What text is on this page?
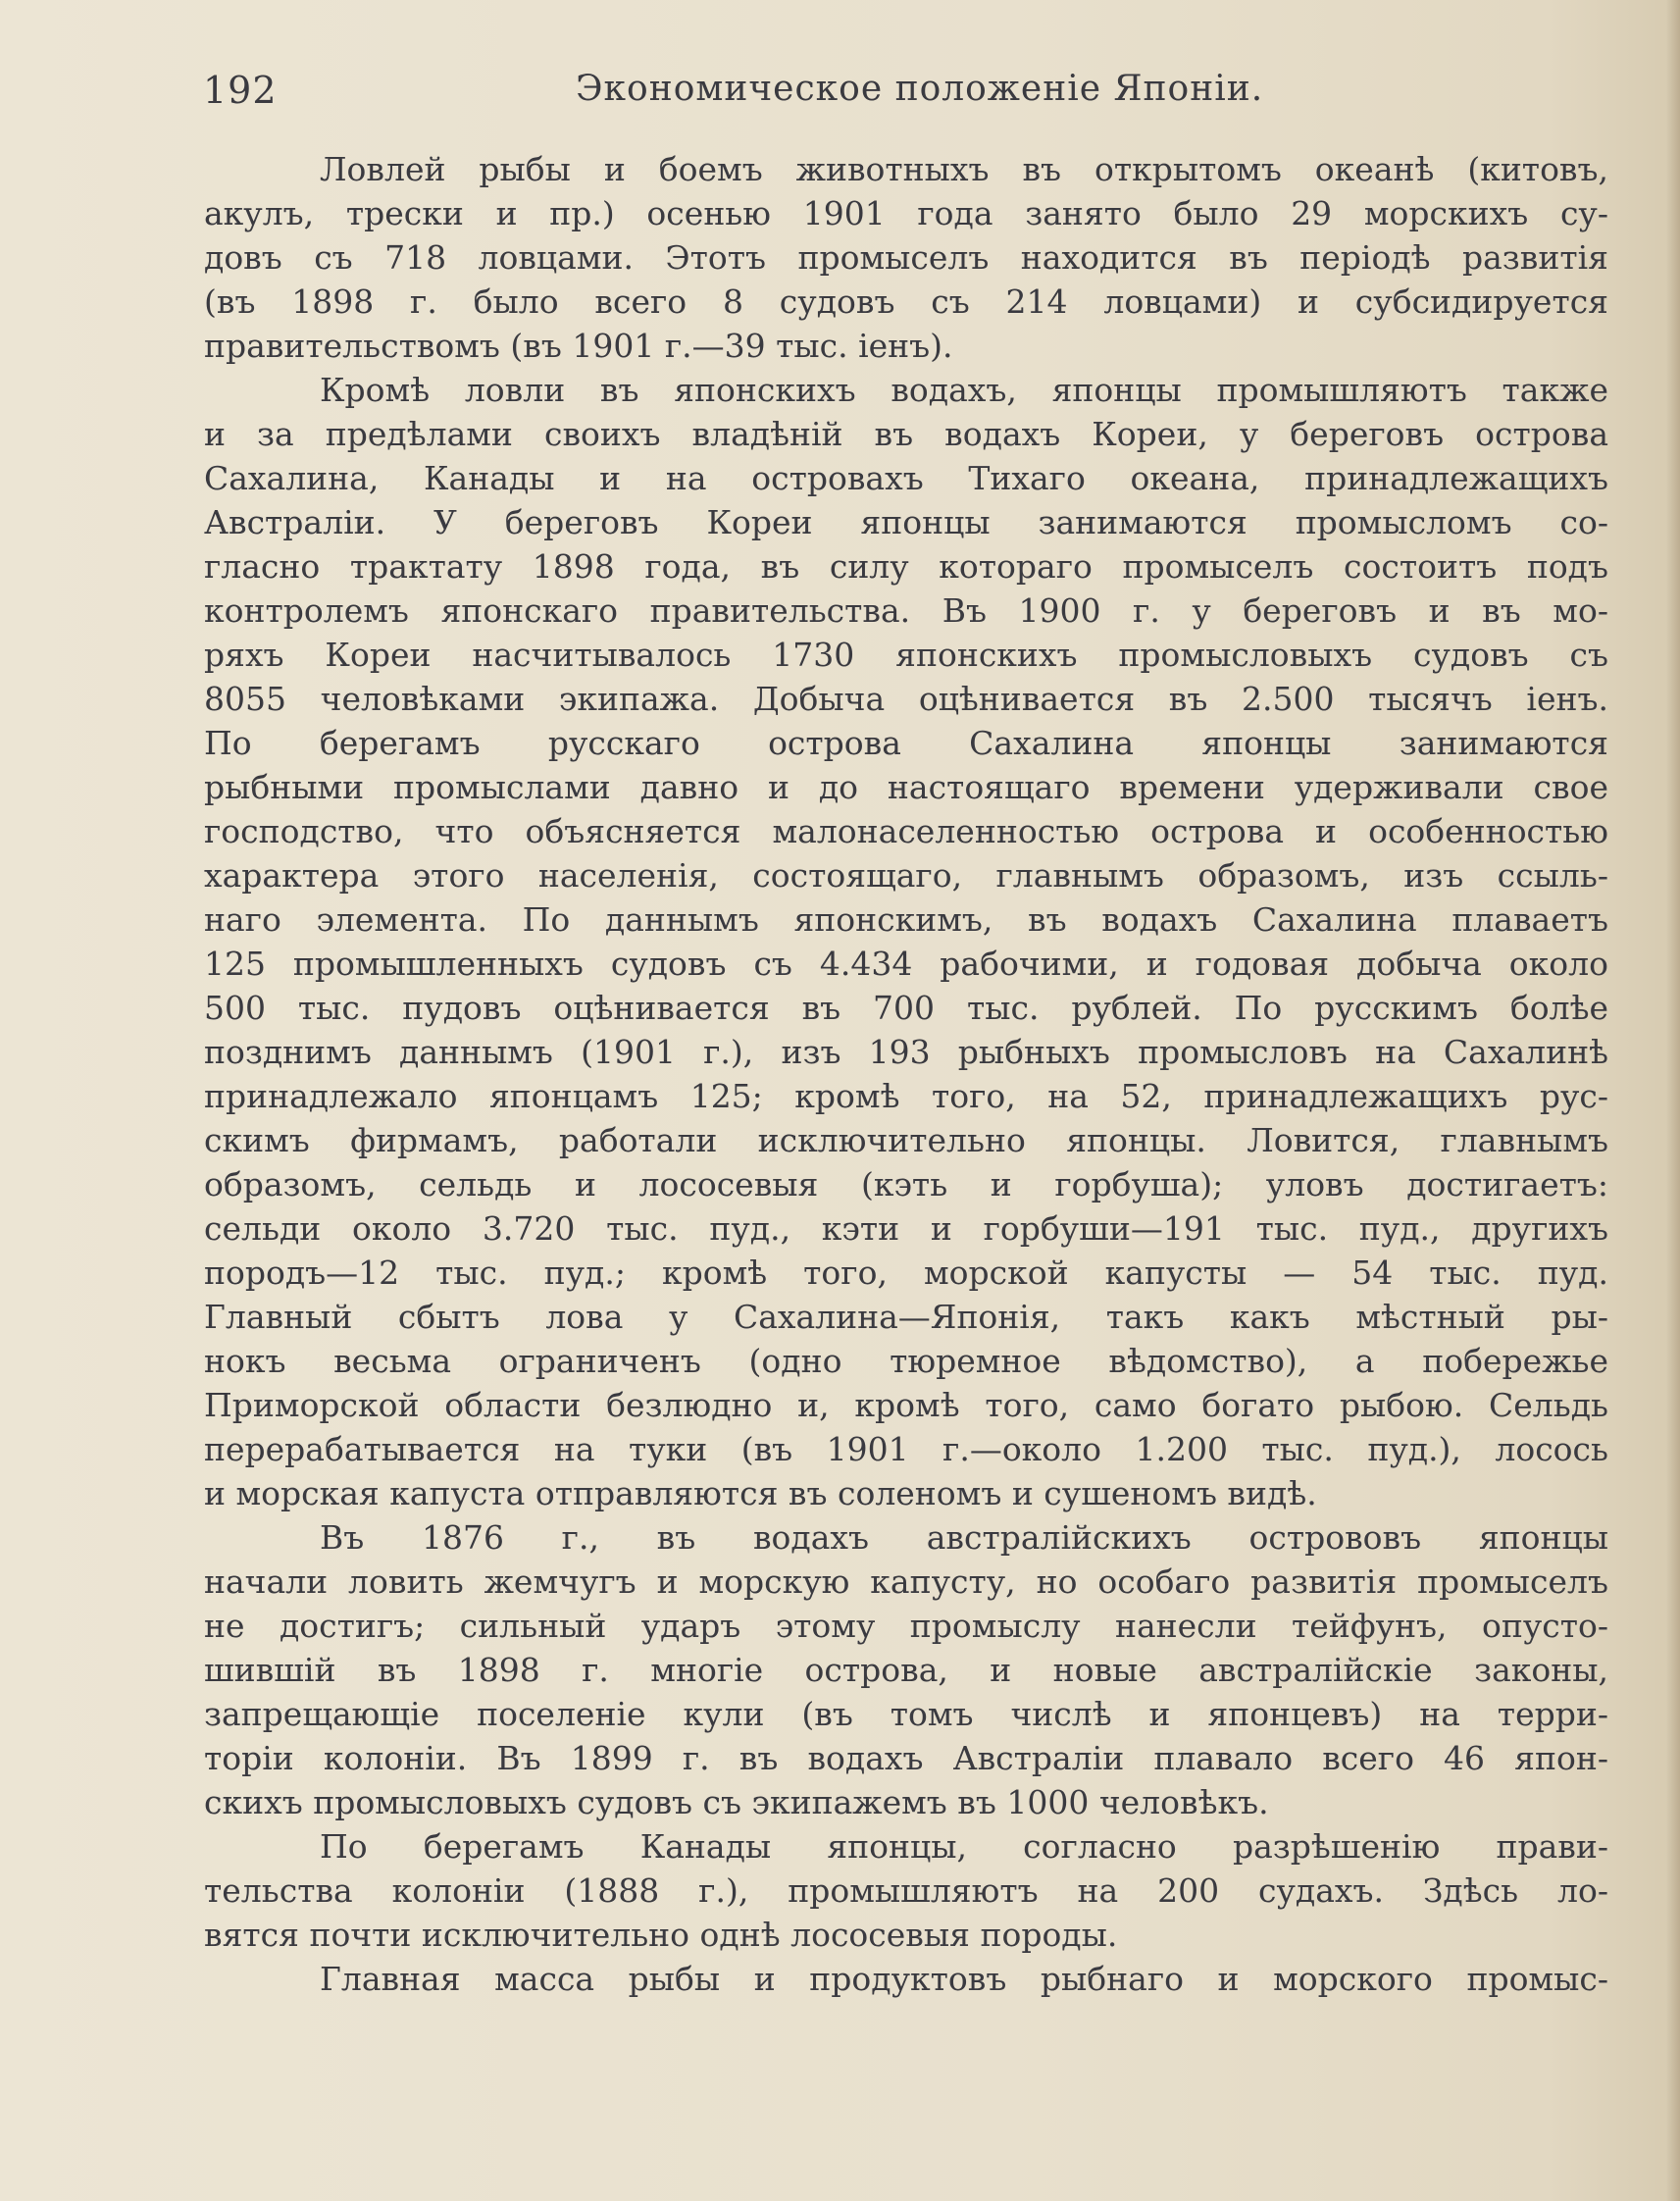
192	Экономическое положеніе Японіи.
Ловлей рыбы и боемъ животныхъ въ открытомъ океанѣ (китовъ,
акулъ, трески и пр.) осенью 1901 года занято было 29 морскихъ су-
довъ съ 718 ловцами. Этотъ промыселъ находится въ періодѣ развитія
(въ 1898 г. было всего 8 судовъ съ 214 ловцами) и субсидируется
правительствомъ (въ 1901 г.—39 тыс. іенъ).
Кромѣ ловли въ японскихъ водахъ, японцы промышляютъ также
и за предѣлами своихъ владѣній въ водахъ Кореи, у береговъ острова
Сахалина, Канады и на островахъ Тихаго океана, принадлежащихъ
Австраліи. У береговъ Кореи японцы занимаются промысломъ со-
гласно трактату 1898 года, въ силу котораго промыселъ состоитъ подъ
контролемъ японскаго правительства. Въ 1900 г. у береговъ и въ мо-
ряхъ Кореи насчитывалось 1730 японскихъ промысловыхъ судовъ съ
8055 человѣками экипажа. Добыча оцѣнивается въ 2.500 тысячъ іенъ.
По берегамъ русскаго острова Сахалина японцы занимаются
рыбными промыслами давно и до настоящаго времени удерживали свое
господство, что объясняется малонаселенностью острова и особенностью
характера этого населенія, состоящаго, главнымъ образомъ, изъ ссыль-
наго элемента. По даннымъ японскимъ, въ водахъ Сахалина плаваетъ
125 промышленныхъ судовъ съ 4.434 рабочими, и годовая добыча около
500 тыс. пудовъ оцѣнивается въ 700 тыс. рублей. По русскимъ болѣе
позднимъ даннымъ (1901 г.), изъ 193 рыбныхъ промысловъ на Сахалинѣ
принадлежало японцамъ 125; кромѣ того, на 52, принадлежащихъ рус-
скимъ фирмамъ, работали исключительно японцы. Ловится, главнымъ
образомъ, сельдь и лососевыя (кэть и горбуша); уловъ достигаетъ:
сельди около 3.720 тыс. пуд., кэти и горбуши—191 тыс. пуд., другихъ
породъ—12 тыс. пуд.; кромѣ того, морской капусты — 54 тыс. пуд.
Главный сбытъ лова у Сахалина—Японія, такъ какъ мѣстный ры-
нокъ весьма ограниченъ (одно тюремное вѣдомство), а побережье
Приморской области безлюдно и, кромѣ того, само богато рыбою. Сельдь
перерабатывается на туки (въ 1901 г.—около 1.200 тыс. пуд.), лосось
и морская капуста отправляются въ соленомъ и сушеномъ видѣ.
Въ 1876 г., въ водахъ австралійскихъ острововъ японцы
начали ловить жемчугъ и морскую капусту, но особаго развитія промыселъ
не достигъ; сильный ударъ этому промыслу нанесли тейфунъ, опусто-
шившій въ 1898 г. многіе острова, и новые австралійскіе законы,
запрещающіе поселеніе кули (въ томъ числѣ и японцевъ) на терри-
торіи колоніи. Въ 1899 г. въ водахъ Австраліи плавало всего 46 япон-
скихъ промысловыхъ судовъ съ экипажемъ въ 1000 человѣкъ.
По берегамъ Канады японцы, согласно разрѣшенію прави-
тельства колоніи (1888 г.), промышляютъ на 200 судахъ. Здѣсь ло-
вятся почти исключительно однѣ лососевыя породы.
Главная масса рыбы и продуктовъ рыбнаго и морского промыс-
